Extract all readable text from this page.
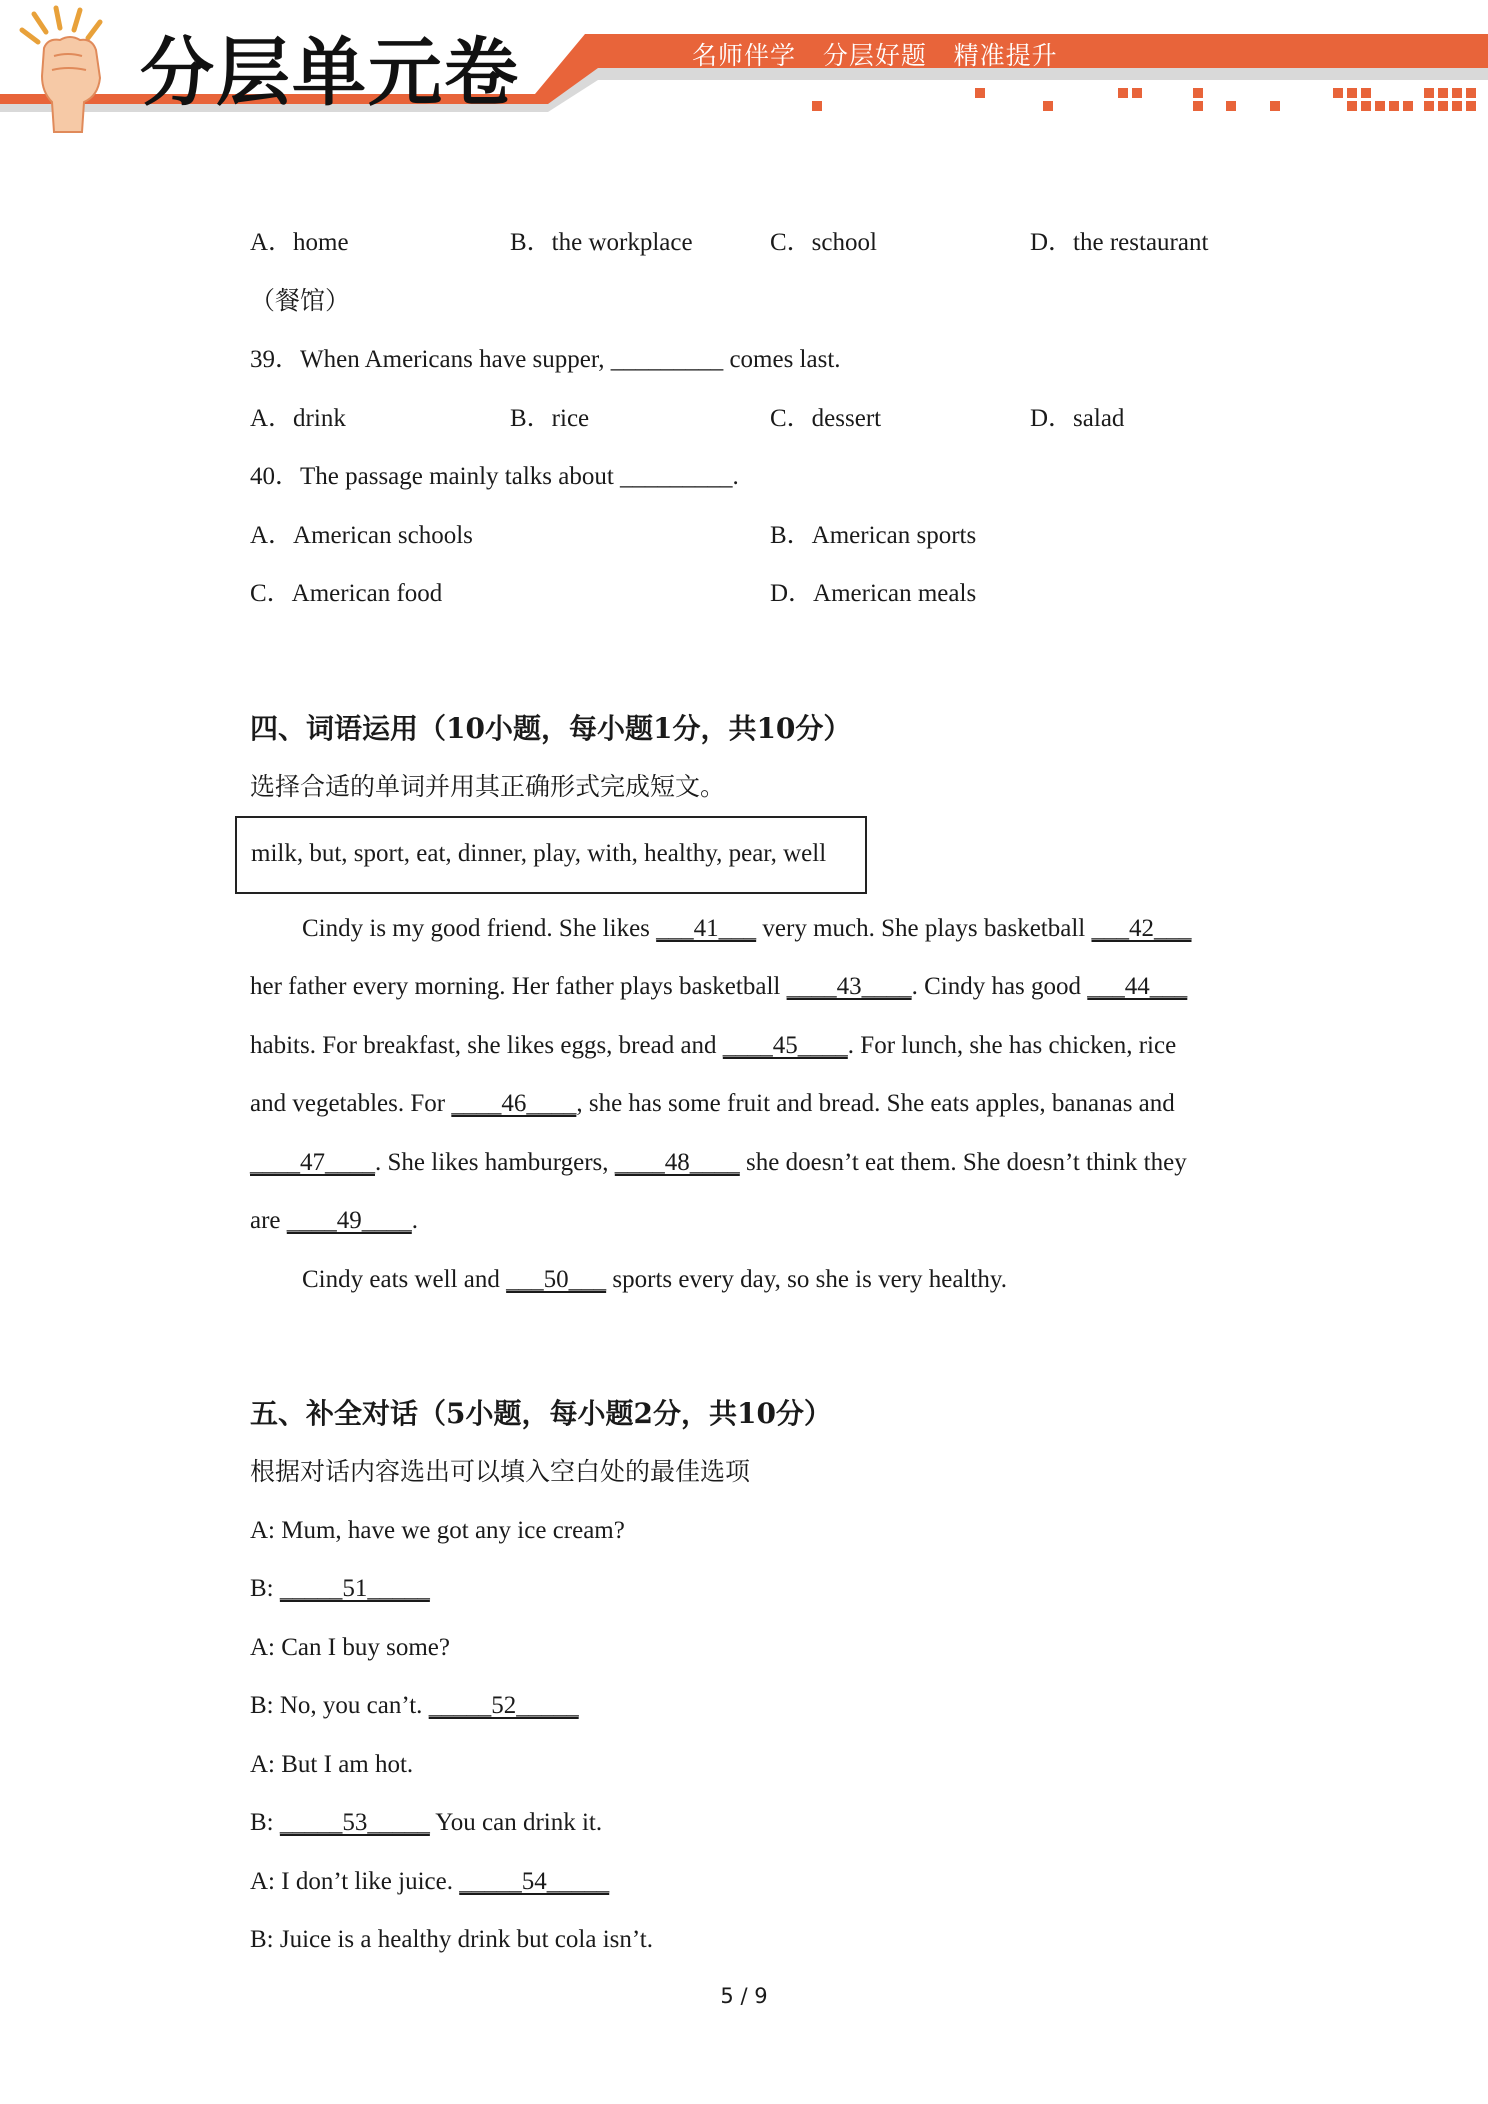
分层单元卷	名师伴学   分层好题   精准提升
A．home	B．the workplace	C．school	D．the restaurant
（餐馆）
39．When Americans have supper, _________ comes last.
A．drink	B．rice	C．dessert	D．salad
40．The passage mainly talks about _________.
A．American schools	B．American sports
C．American food	D．American meals
四、词语运用（10小题，每小题1分，共10分）
选择合适的单词并用其正确形式完成短文。
milk, but, sport, eat, dinner, play, with, healthy, pear, well
Cindy is my good friend. She likes ___41___ very much. She plays basketball ___42___
her father every morning. Her father plays basketball ____43____. Cindy has good ___44___
habits. For breakfast, she likes eggs, bread and ____45____. For lunch, she has chicken, rice
and vegetables. For ____46____, she has some fruit and bread. She eats apples, bananas and
____47____. She likes hamburgers, ____48____ she doesn’t eat them. She doesn’t think they
are ____49____.
Cindy eats well and ___50___ sports every day, so she is very healthy.
五、补全对话（5小题，每小题2分，共10分）
根据对话内容选出可以填入空白处的最佳选项
A: Mum, have we got any ice cream?
B: _____51_____
A: Can I buy some?
B: No, you can’t. _____52_____
A: But I am hot.
B: _____53_____ You can drink it.
A: I don’t like juice. _____54_____
B: Juice is a healthy drink but cola isn’t.
5 / 9
